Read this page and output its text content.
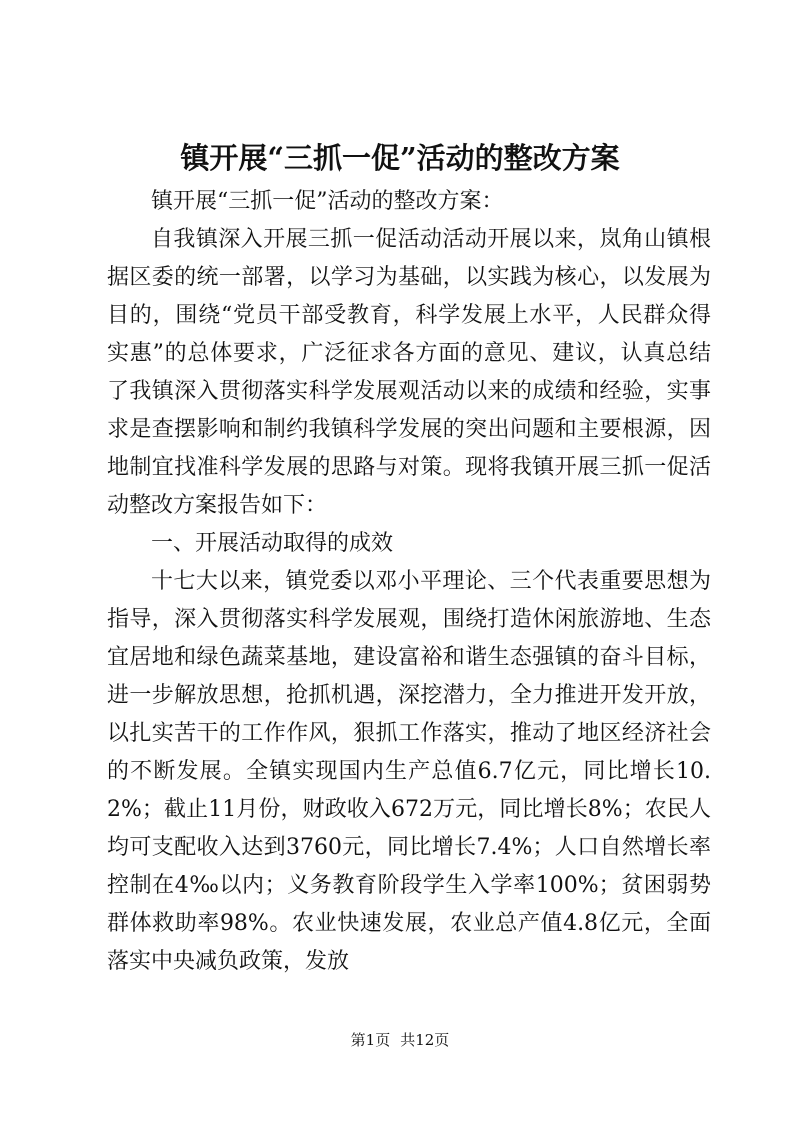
镇开展“三抓一促”活动的整改方案

镇开展“三抓一促”活动的整改方案：

自我镇深入开展三抓一促活动活动开展以来，岚角山镇根据区委的统一部署，以学习为基础，以实践为核心，以发展为目的，围绕“党员干部受教育，科学发展上水平，人民群众得实惠”的总体要求，广泛征求各方面的意见、建议，认真总结了我镇深入贯彻落实科学发展观活动以来的成绩和经验，实事求是查摆影响和制约我镇科学发展的突出问题和主要根源，因地制宜找准科学发展的思路与对策。现将我镇开展三抓一促活动整改方案报告如下：

一、开展活动取得的成效

十七大以来，镇党委以邓小平理论、三个代表重要思想为指导，深入贯彻落实科学发展观，围绕打造休闲旅游地、生态宜居地和绿色蔬菜基地，建设富裕和谐生态强镇的奋斗目标，进一步解放思想，抢抓机遇，深挖潜力，全力推进开发开放，以扎实苦干的工作作风，狠抓工作落实，推动了地区经济社会的不断发展。全镇实现国内生产总值6.7亿元，同比增长10.2%；截止11月份，财政收入672万元，同比增长8%；农民人均可支配收入达到3760元，同比增长7.4%；人口自然增长率控制在4‰以内；义务教育阶段学生入学率100%；贫困弱势群体救助率98%。农业快速发展，农业总产值4.8亿元，全面落实中央减负政策，发放

第1页 共12页
